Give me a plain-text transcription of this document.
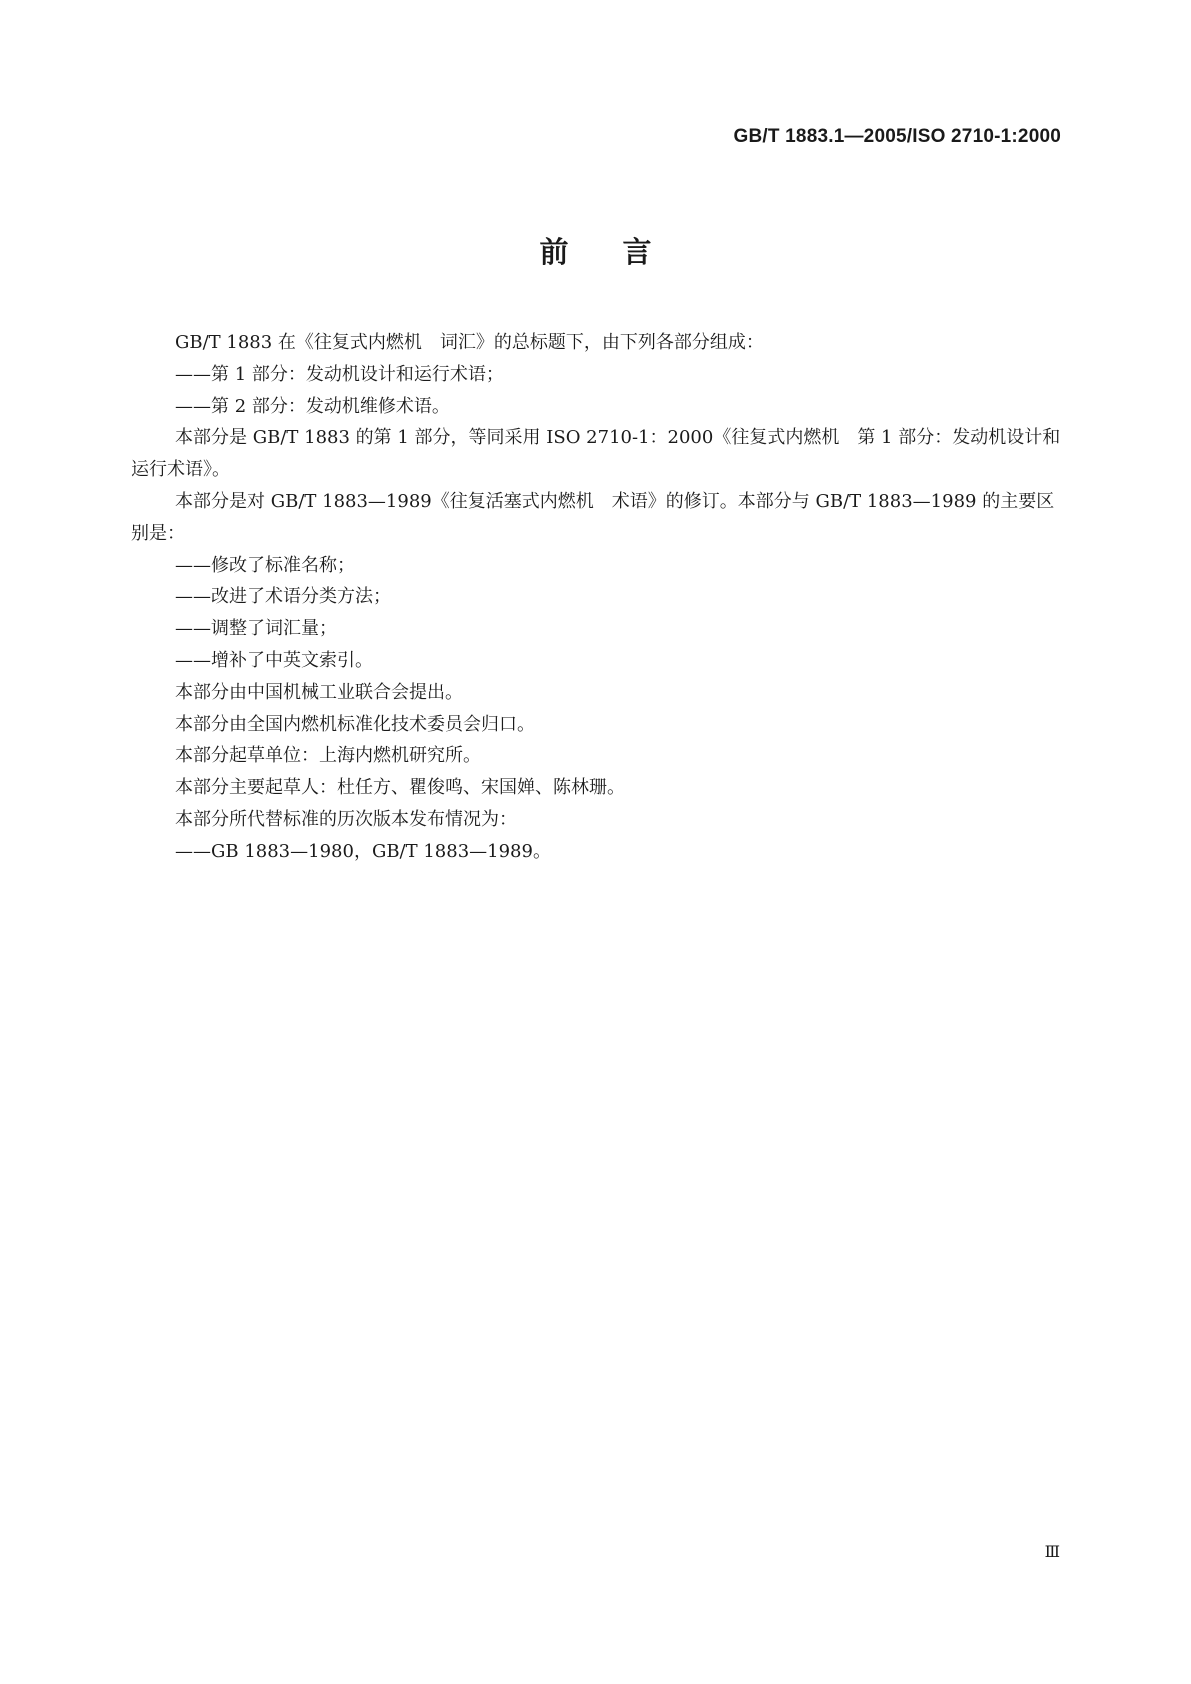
GB/T 1883.1—2005/ISO 2710-1:2000
前言

GB/T 1883 在《往复式内燃机　词汇》的总标题下，由下列各部分组成：

——第 1 部分：发动机设计和运行术语；

——第 2 部分：发动机维修术语。

本部分是 GB/T 1883 的第 1 部分，等同采用 ISO 2710-1：2000《往复式内燃机　第 1 部分：发动机设计和运行术语》。

本部分是对 GB/T 1883—1989《往复活塞式内燃机　术语》的修订。本部分与 GB/T 1883—1989 的主要区别是：

——修改了标准名称；

——改进了术语分类方法；

——调整了词汇量；

——增补了中英文索引。

本部分由中国机械工业联合会提出。

本部分由全国内燃机标准化技术委员会归口。

本部分起草单位：上海内燃机研究所。

本部分主要起草人：杜任方、瞿俊鸣、宋国婵、陈林珊。

本部分所代替标准的历次版本发布情况为：

——GB 1883—1980，GB/T 1883—1989。

Ⅲ
